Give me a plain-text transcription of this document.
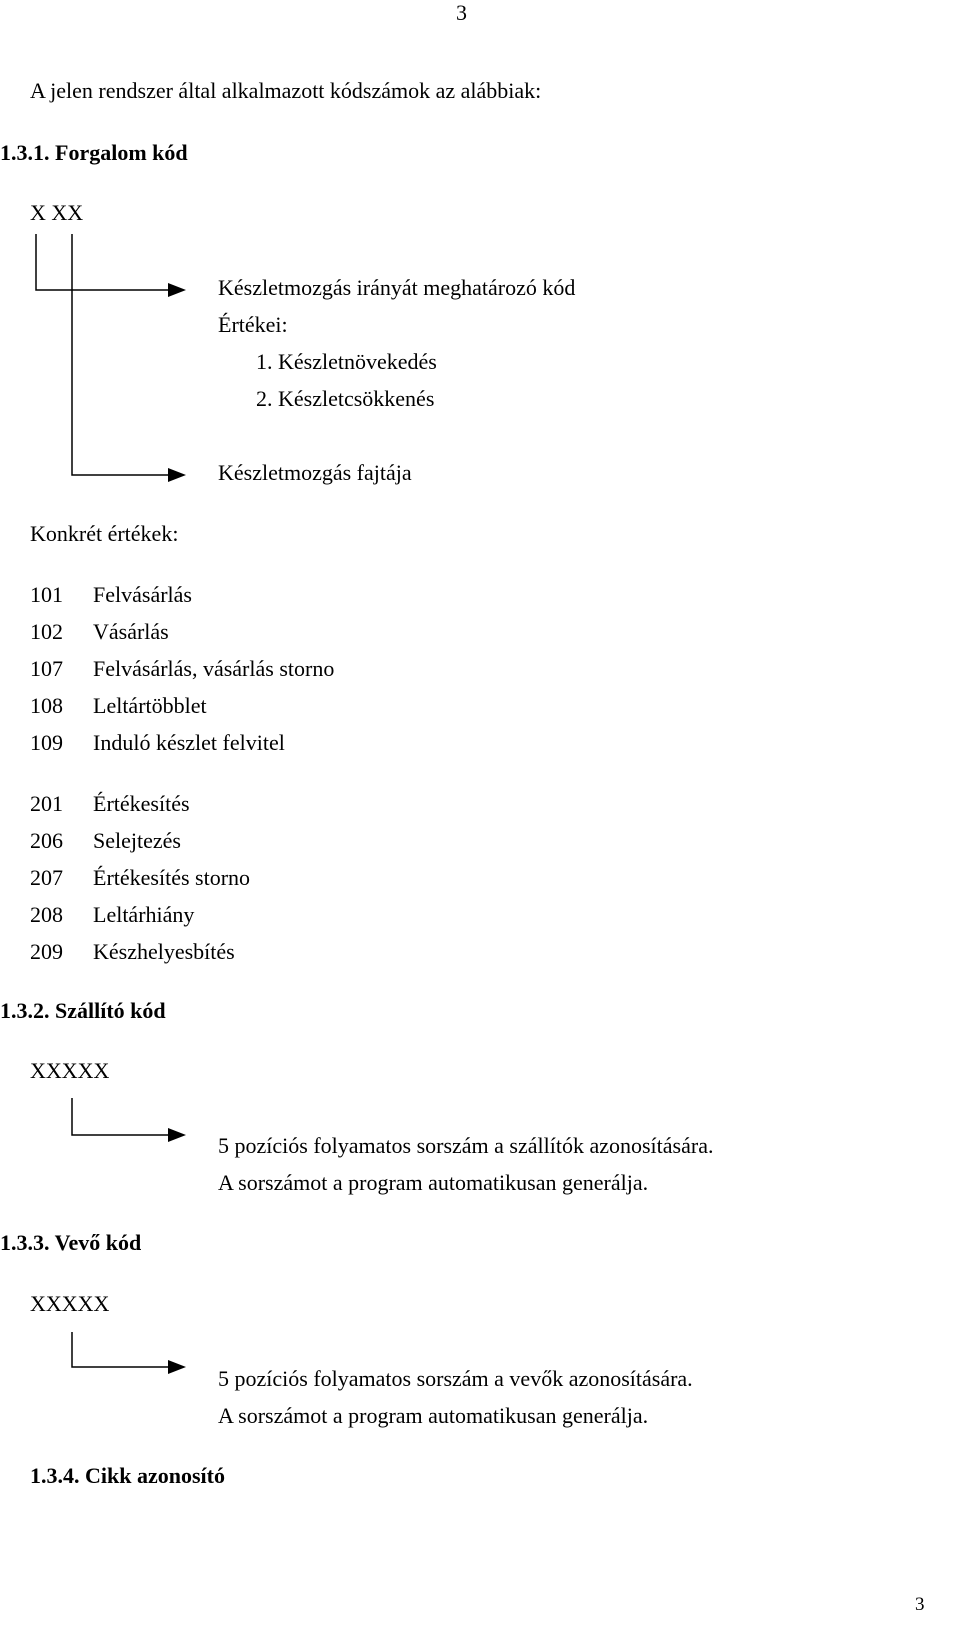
3
3
A jelen rendszer által alkalmazott kódszámok az alábbiak:
1.3.1. Forgalom kód
X XX
Készletmozgás irányát meghatározó kód
Értékei:
1. Készletnövekedés
2. Készletcsökkenés
Készletmozgás fajtája
Konkrét értékek:
101	Felvásárlás
102	Vásárlás
107	Felvásárlás, vásárlás storno
108	Leltártöbblet
109	Induló készlet felvitel
201	Értékesítés
206	Selejtezés
207	Értékesítés storno
208	Leltárhiány
209	Készhelyesbítés
1.3.2. Szállító kód
XXXXX
5 pozíciós folyamatos sorszám a szállítók azonosítására.
A sorszámot a program automatikusan generálja.
1.3.3. Vevő kód
XXXXX
5 pozíciós folyamatos sorszám a vevők azonosítására.
A sorszámot a program automatikusan generálja.
1.3.4. Cikk azonosító
